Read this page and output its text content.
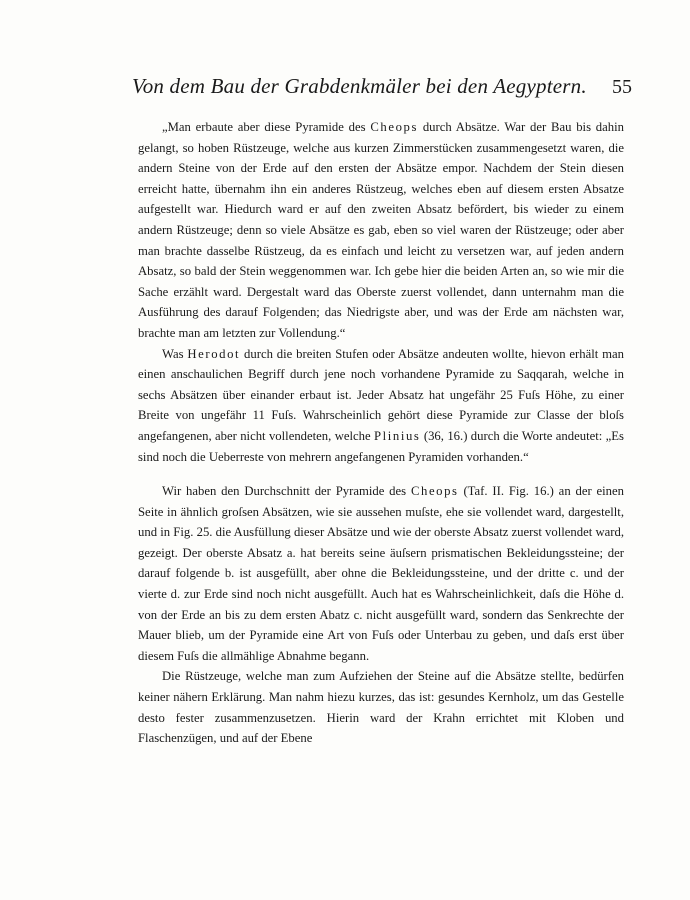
Von dem Bau der Grabdenkmäler bei den Aegyptern. 55

„Man erbaute aber diese Pyramide des Cheops durch Absätze. War der Bau bis dahin gelangt, so hoben Rüstzeuge, welche aus kurzen Zimmerstücken zusammengesetzt waren, die andern Steine von der Erde auf den ersten der Absätze empor. Nachdem der Stein diesen erreicht hatte, übernahm ihn ein anderes Rüstzeug, welches eben auf diesem ersten Absatze aufgestellt war. Hiedurch ward er auf den zweiten Absatz befördert, bis wieder zu einem andern Rüstzeuge; denn so viele Absätze es gab, eben so viel waren der Rüstzeuge; oder aber man brachte dasselbe Rüstzeug, da es einfach und leicht zu versetzen war, auf jeden andern Absatz, so bald der Stein weggenommen war. Ich gebe hier die beiden Arten an, so wie mir die Sache erzählt ward. Dergestalt ward das Oberste zuerst vollendet, dann unternahm man die Ausführung des darauf Folgenden; das Niedrigste aber, und was der Erde am nächsten war, brachte man am letzten zur Vollendung.“

Was Herodot durch die breiten Stufen oder Absätze andeuten wollte, hievon erhält man einen anschaulichen Begriff durch jene noch vorhandene Pyramide zu Saqqarah, welche in sechs Absätzen über einander erbaut ist. Jeder Absatz hat ungefähr 25 Fuſs Höhe, zu einer Breite von ungefähr 11 Fuſs. Wahrscheinlich gehört diese Pyramide zur Classe der bloſs angefangenen, aber nicht vollendeten, welche Plinius (36, 16.) durch die Worte andeutet: „Es sind noch die Ueberreste von mehrern angefangenen Pyramiden vorhanden.“

Wir haben den Durchschnitt der Pyramide des Cheops (Taf. II. Fig. 16.) an der einen Seite in ähnlich groſsen Absätzen, wie sie aussehen muſste, ehe sie vollendet ward, dargestellt, und in Fig. 25. die Ausfüllung dieser Absätze und wie der oberste Absatz zuerst vollendet ward, gezeigt. Der oberste Absatz a. hat bereits seine äuſsern prismatischen Bekleidungssteine; der darauf folgende b. ist ausgefüllt, aber ohne die Bekleidungssteine, und der dritte c. und der vierte d. zur Erde sind noch nicht ausgefüllt. Auch hat es Wahrscheinlichkeit, daſs die Höhe d. von der Erde an bis zu dem ersten Abatz c. nicht ausgefüllt ward, sondern das Senkrechte der Mauer blieb, um der Pyramide eine Art von Fuſs oder Unterbau zu geben, und daſs erst über diesem Fuſs die allmählige Abnahme begann.

Die Rüstzeuge, welche man zum Aufziehen der Steine auf die Absätze stellte, bedürfen keiner nähern Erklärung. Man nahm hiezu kurzes, das ist: gesundes Kernholz, um das Gestelle desto fester zusammenzusetzen. Hierin ward der Krahn errichtet mit Kloben und Flaschenzügen, und auf der Ebene
